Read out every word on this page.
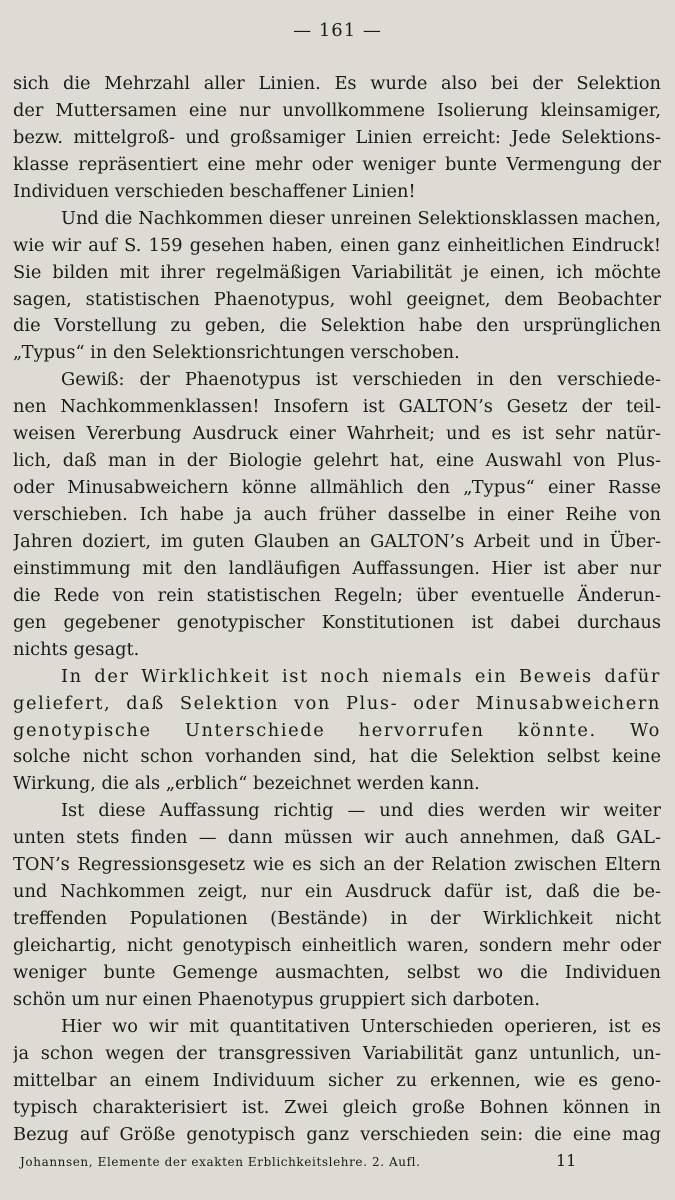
— 161 —
sich die Mehrzahl aller Linien. Es wurde also bei der Selektion
der Muttersamen eine nur unvollkommene Isolierung kleinsamiger,
bezw. mittelgroß- und großsamiger Linien erreicht: Jede Selektions-
klasse repräsentiert eine mehr oder weniger bunte Vermengung der
Individuen verschieden beschaffener Linien!
Und die Nachkommen dieser unreinen Selektionsklassen machen,
wie wir auf S. 159 gesehen haben, einen ganz einheitlichen Eindruck!
Sie bilden mit ihrer regelmäßigen Variabilität je einen, ich möchte
sagen, statistischen Phaenotypus, wohl geeignet, dem Beobachter
die Vorstellung zu geben, die Selektion habe den ursprünglichen
„Typus“ in den Selektionsrichtungen verschoben.
Gewiß: der Phaenotypus ist verschieden in den verschiede-
nen Nachkommenklassen! Insofern ist GALTON’s Gesetz der teil-
weisen Vererbung Ausdruck einer Wahrheit; und es ist sehr natür-
lich, daß man in der Biologie gelehrt hat, eine Auswahl von Plus-
oder Minusabweichern könne allmählich den „Typus“ einer Rasse
verschieben. Ich habe ja auch früher dasselbe in einer Reihe von
Jahren doziert, im guten Glauben an GALTON’s Arbeit und in Über-
einstimmung mit den landläufigen Auffassungen. Hier ist aber nur
die Rede von rein statistischen Regeln; über eventuelle Änderun-
gen gegebener genotypischer Konstitutionen ist dabei durchaus
nichts gesagt.
In der Wirklichkeit ist noch niemals ein Beweis dafür
geliefert, daß Selektion von Plus- oder Minusabweichern
genotypische Unterschiede hervorrufen könnte. Wo
solche nicht schon vorhanden sind, hat die Selektion selbst keine
Wirkung, die als „erblich“ bezeichnet werden kann.
Ist diese Auffassung richtig — und dies werden wir weiter
unten stets finden — dann müssen wir auch annehmen, daß GAL-
TON’s Regressionsgesetz wie es sich an der Relation zwischen Eltern
und Nachkommen zeigt, nur ein Ausdruck dafür ist, daß die be-
treffenden Populationen (Bestände) in der Wirklichkeit nicht
gleichartig, nicht genotypisch einheitlich waren, sondern mehr oder
weniger bunte Gemenge ausmachten, selbst wo die Individuen
schön um nur einen Phaenotypus gruppiert sich darboten.
Hier wo wir mit quantitativen Unterschieden operieren, ist es
ja schon wegen der transgressiven Variabilität ganz untunlich, un-
mittelbar an einem Individuum sicher zu erkennen, wie es geno-
typisch charakterisiert ist. Zwei gleich große Bohnen können in
Bezug auf Größe genotypisch ganz verschieden sein: die eine mag
Johannsen, Elemente der exakten Erblichkeitslehre. 2. Aufl.	11
